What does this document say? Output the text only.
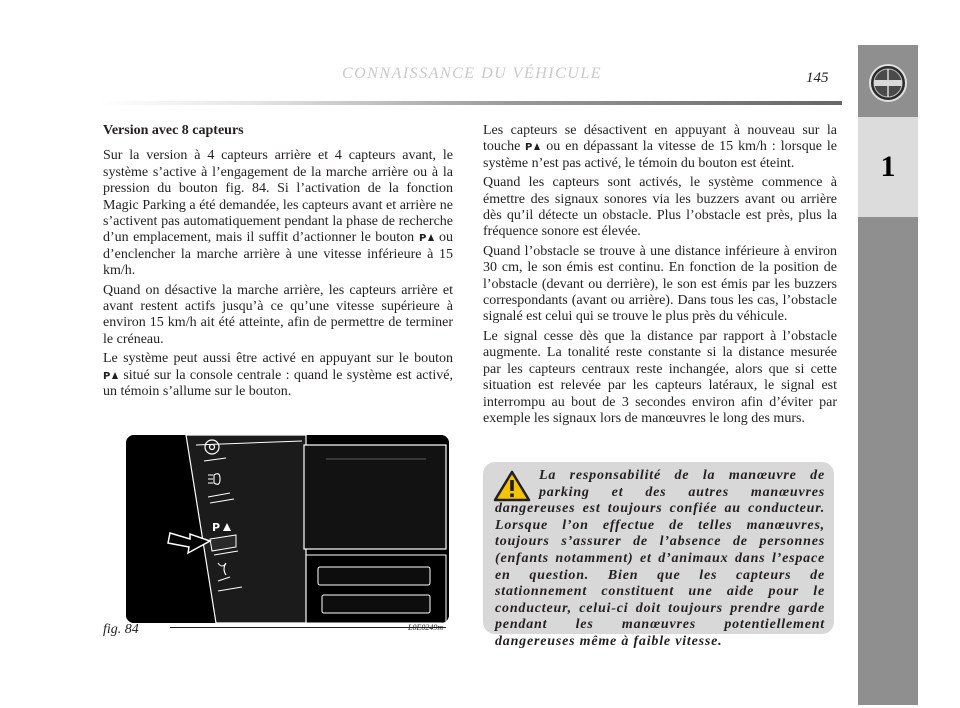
CONNAISSANCE DU VÉHICULE	145
1
Version avec 8 capteurs

Sur la version à 4 capteurs arrière et 4 capteurs avant, le système s’active à l’engagement de la marche arrière ou à la pression du bouton fig. 84. Si l’activation de la fonction Magic Parking a été demandée, les capteurs avant et arrière ne s’activent pas automatiquement pendant la phase de recherche d’un emplacement, mais il suffit d’actionner le bouton P ou d’enclencher la marche arrière à une vitesse inférieure à 15 km/h.

Quand on désactive la marche arrière, les capteurs arrière et avant restent actifs jusqu’à ce qu’une vitesse supérieure à environ 15 km/h ait été atteinte, afin de permettre de terminer le créneau.

Le système peut aussi être activé en appuyant sur le bouton
P situé sur la console centrale : quand le système est activé, un témoin s’allume sur le bouton.

Les capteurs se désactivent en appuyant à nouveau sur la touche P ou en dépassant la vitesse de 15 km/h : lorsque le système n’est pas activé, le témoin du bouton est éteint.

Quand les capteurs sont activés, le système commence à émettre des signaux sonores via les buzzers avant ou arrière dès qu’il détecte un obstacle. Plus l’obstacle est près, plus la fréquence sonore est élevée.

Quand l’obstacle se trouve à une distance inférieure à environ 30 cm, le son émis est continu. En fonction de la position de l’obstacle (devant ou derrière), le son est émis par les buzzers correspondants (avant ou arrière). Dans tous les cas, l’obstacle signalé est celui qui se trouve le plus près du véhicule.

Le signal cesse dès que la distance par rapport à l’obstacle augmente. La tonalité reste constante si la distance mesurée par les capteurs centraux reste inchangée, alors que si cette situation est relevée par les capteurs latéraux, le signal est interrompu au bout de 3 secondes environ afin d’éviter par exemple les signaux lors de manœuvres le long des murs.

P
fig. 84	L0E0249m
La responsabilité de la manœuvre de parking et des autres manœuvres dangereuses est toujours confiée au conducteur. Lorsque l’on effectue de telles manœuvres, toujours s’assurer de l’absence de personnes (enfants notamment) et d’animaux dans l’espace en question. Bien que les capteurs de stationnement constituent une aide pour le conducteur, celui-ci doit toujours prendre garde pendant les manœuvres potentiellement dangereuses même à faible vitesse.
